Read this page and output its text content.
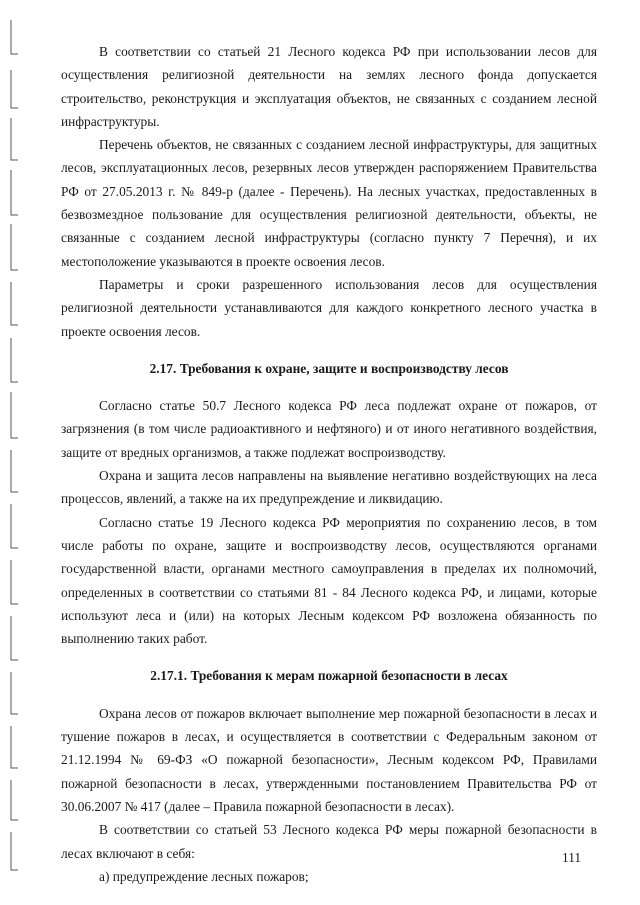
В соответствии со статьей 21 Лесного кодекса РФ при использовании лесов для осуществления религиозной деятельности на землях лесного фонда допускается строительство, реконструкция и эксплуатация объектов, не связанных с созданием лесной инфраструктуры.

Перечень объектов, не связанных с созданием лесной инфраструктуры, для защитных лесов, эксплуатационных лесов, резервных лесов утвержден распоряжением Правительства РФ от 27.05.2013 г. № 849-р (далее - Перечень). На лесных участках, предоставленных в безвозмездное пользование для осуществления религиозной деятельности, объекты, не связанные с созданием лесной инфраструктуры (согласно пункту 7 Перечня), и их местоположение указываются в проекте освоения лесов.

Параметры и сроки разрешенного использования лесов для осуществления религиозной деятельности устанавливаются для каждого конкретного лесного участка в проекте освоения лесов.

2.17. Требования к охране, защите и воспроизводству лесов

Согласно статье 50.7 Лесного кодекса РФ леса подлежат охране от пожаров, от загрязнения (в том числе радиоактивного и нефтяного) и от иного негативного воздействия, защите от вредных организмов, а также подлежат воспроизводству.

Охрана и защита лесов направлены на выявление негативно воздействующих на леса процессов, явлений, а также на их предупреждение и ликвидацию.

Согласно статье 19 Лесного кодекса РФ мероприятия по сохранению лесов, в том числе работы по охране, защите и воспроизводству лесов, осуществляются органами государственной власти, органами местного самоуправления в пределах их полномочий, определенных в соответствии со статьями 81 - 84 Лесного кодекса РФ, и лицами, которые используют леса и (или) на которых Лесным кодексом РФ возложена обязанность по выполнению таких работ.

2.17.1. Требования к мерам пожарной безопасности в лесах

Охрана лесов от пожаров включает выполнение мер пожарной безопасности в лесах и тушение пожаров в лесах, и осуществляется в соответствии с Федеральным законом от 21.12.1994 № 69-ФЗ «О пожарной безопасности», Лесным кодексом РФ, Правилами пожарной безопасности в лесах, утвержденными постановлением Правительства РФ от 30.06.2007 № 417 (далее – Правила пожарной безопасности в лесах).

В соответствии со статьей 53 Лесного кодекса РФ меры пожарной безопасности в лесах включают в себя:

а) предупреждение лесных пожаров;

111
